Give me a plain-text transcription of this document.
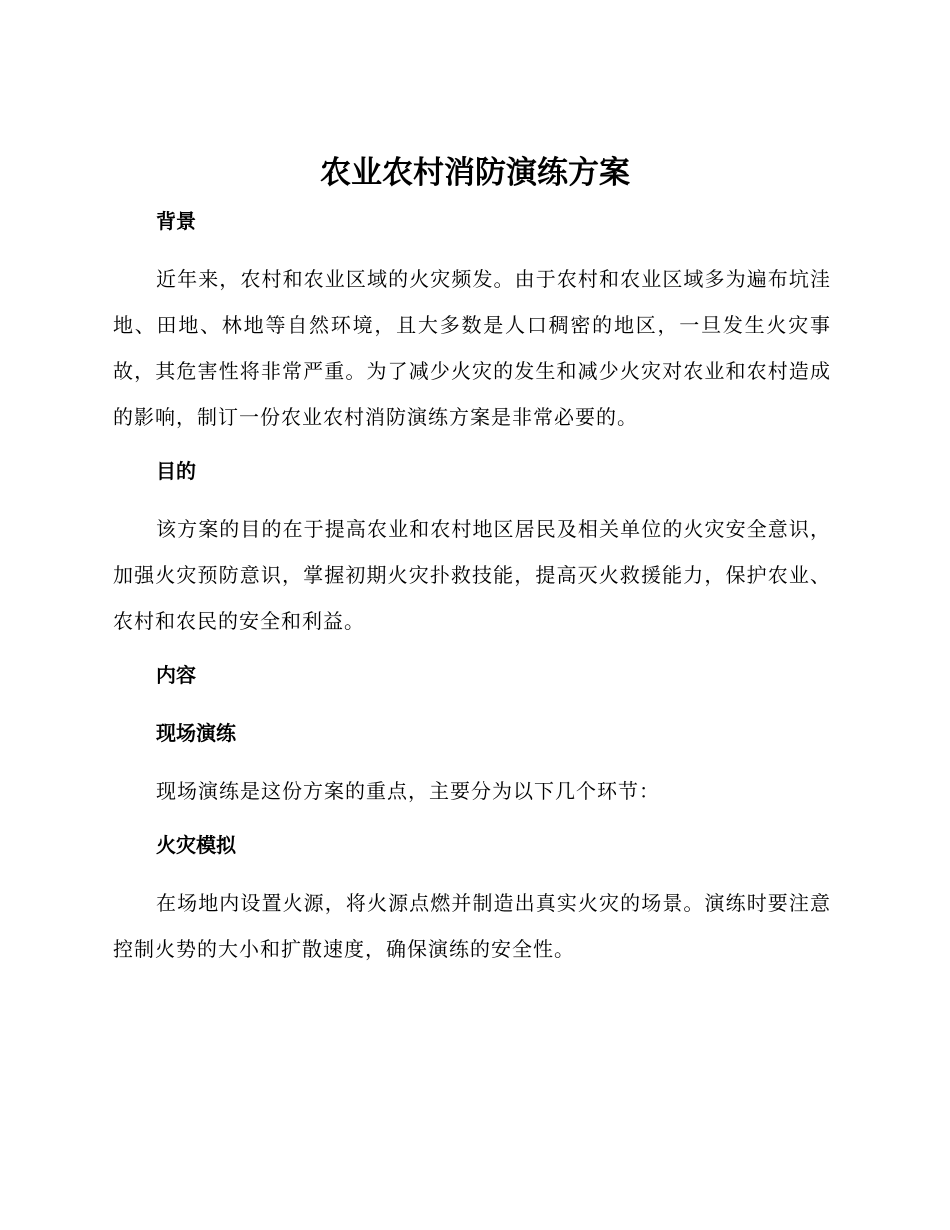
农业农村消防演练方案

背景

近年来，农村和农业区域的火灾频发。由于农村和农业区域多为遍布坑洼地、田地、林地等自然环境，且大多数是人口稠密的地区，一旦发生火灾事故，其危害性将非常严重。为了减少火灾的发生和减少火灾对农业和农村造成的影响，制订一份农业农村消防演练方案是非常必要的。

目的

该方案的目的在于提高农业和农村地区居民及相关单位的火灾安全意识，加强火灾预防意识，掌握初期火灾扑救技能，提高灭火救援能力，保护农业、农村和农民的安全和利益。

内容

现场演练

现场演练是这份方案的重点，主要分为以下几个环节：

火灾模拟

在场地内设置火源，将火源点燃并制造出真实火灾的场景。演练时要注意控制火势的大小和扩散速度，确保演练的安全性。
